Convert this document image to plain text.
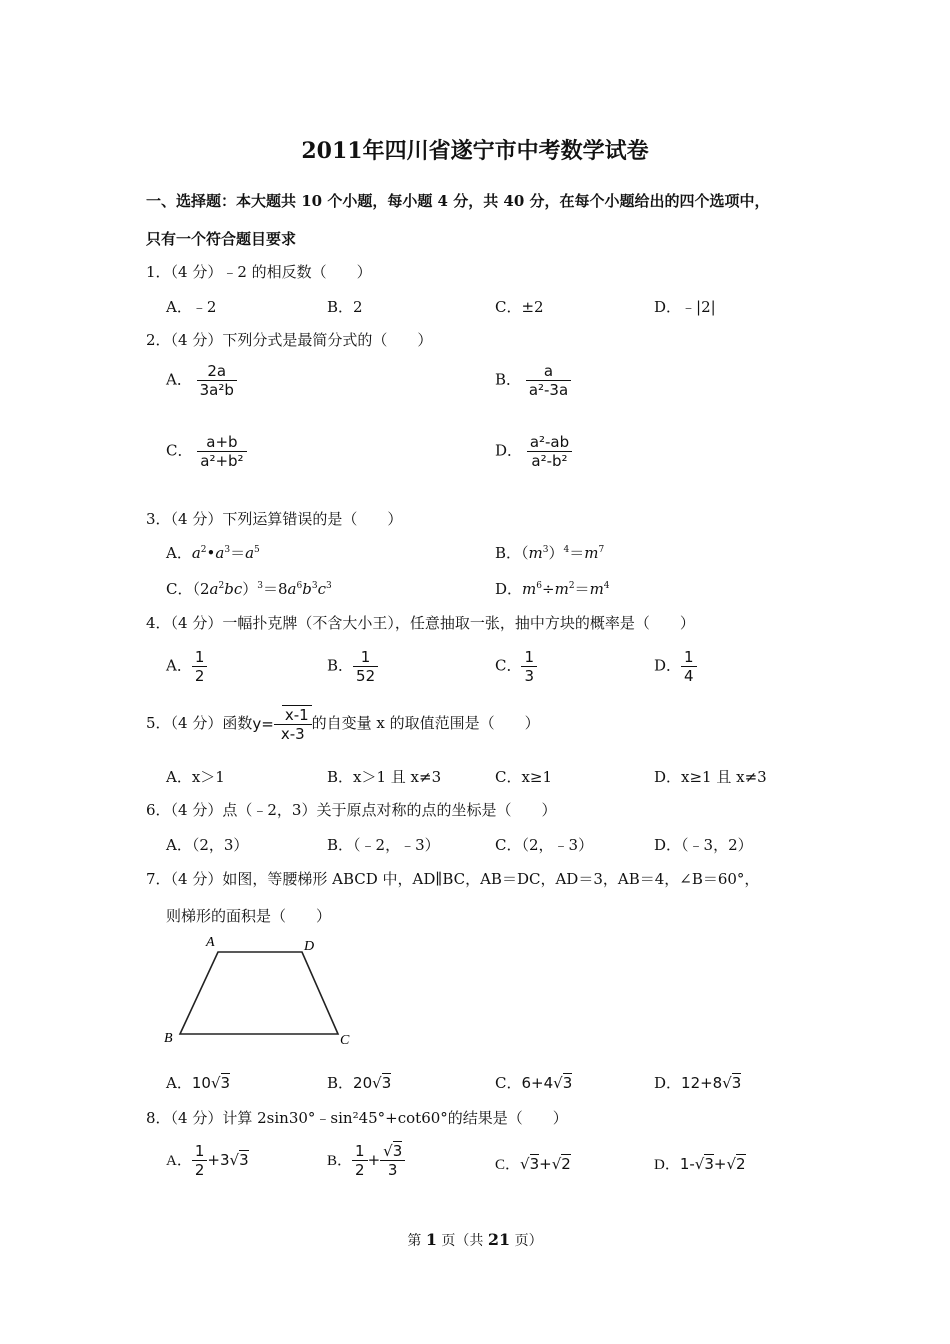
2011年四川省遂宁市中考数学试卷
一、选择题：本大题共 10 个小题，每小题 4 分，共 40 分，在每个小题给出的四个选项中，
只有一个符合题目要求
1．（4 分）﹣2 的相反数（　　）
A．﹣2	B．2	C．±2	D．﹣|2|
2．（4 分）下列分式是最简分式的（　　）
A． $\frac{2a}{\text{3a²b}}$	B． $\frac{a}{\text{a²-3a}}$
C． $\frac{a+b}{\text{a²+b²}}$	D． $\frac{\text{a²-ab}}{\text{a²-b²}}$
3．（4 分）下列运算错误的是（　　）
A．$a^2•a^3=a^5$	B．$(m^3)^4=m^7$
C．$(2a^2bc)^3=8a^6b^3c^3$	D．$m^6\div m^2=m^4$
4．（4 分）一幅扑克牌（不含大小王），任意抽取一张，抽中方块的概率是（　　）
A． $\frac{1}{2}$	B． $\frac{1}{52}$	C． $\frac{1}{3}$	D． $\frac{1}{4}$
5．（4 分）函数$y= \frac{x-1}{x-3}$ 的自变量 x 的取值范围是（　　）
A．x＞1	B．x＞1 且 x≠3	C．x≥1	D．x≥1 且 x≠3
6．（4 分）点（﹣2，3）关于原点对称的点的坐标是（　　）
A．（2，3）	B．（﹣2，﹣3）	C．（2，﹣3）	D．（﹣3，2）
7．（4 分）如图，等腰梯形 ABCD 中，AD∥BC，AB＝DC，AD＝3，AB＝4，∠B＝60°，
则梯形的面积是（　　）
A	D
B	C
A．10√3	B．20√3	C．6+4√3	D．12+8√3
8．（4 分）计算 2sin30°﹣sin²45°+cot60°的结果是（　　）
A． $\frac{1}{2} +3√3$	B． $\frac{1}{2} + \frac{√3}{3}$	C．√3+√2	D．1-√3+√2
第 1 页（共 21 页）
